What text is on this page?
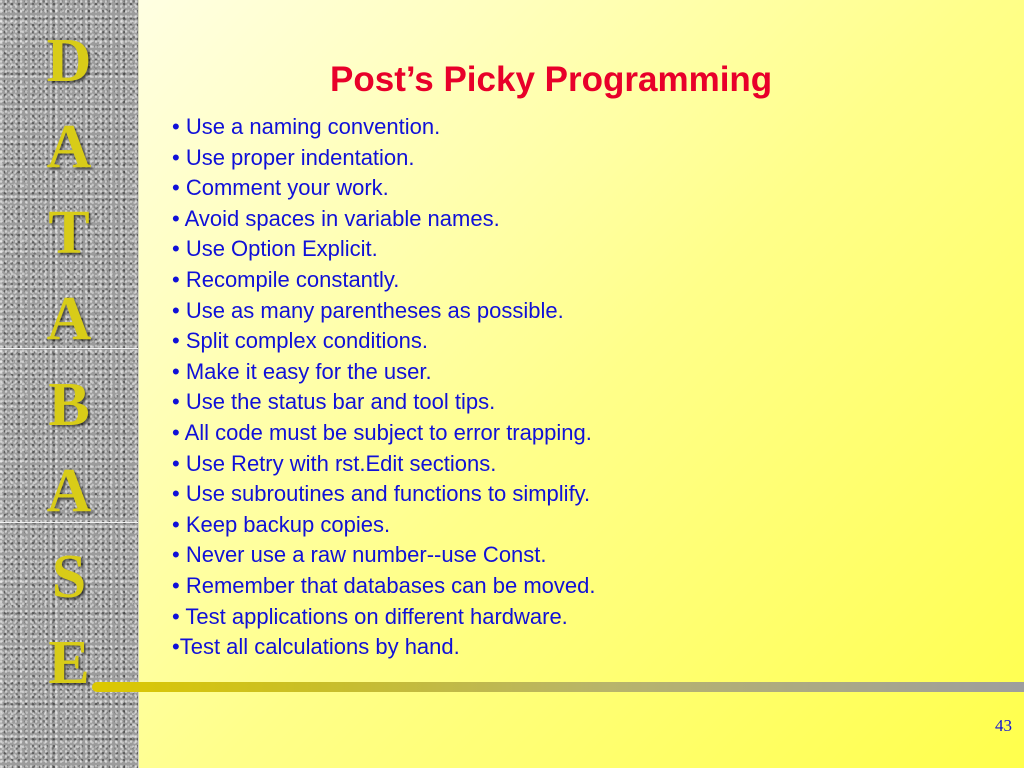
D
A
T
A
B
A
S
E
Post’s Picky Programming
• Use a naming convention.
• Use proper indentation.
• Comment your work.
• Avoid spaces in variable names.
• Use Option Explicit.
• Recompile constantly.
• Use as many parentheses as possible.
• Split complex conditions.
• Make it easy for the user.
• Use the status bar and tool tips.
• All code must be subject to error trapping.
• Use Retry with rst.Edit sections.
• Use subroutines and functions to simplify.
• Keep backup copies.
• Never use a raw number--use Const.
• Remember that databases can be moved.
• Test applications on different hardware.
•Test all calculations by hand.
43
